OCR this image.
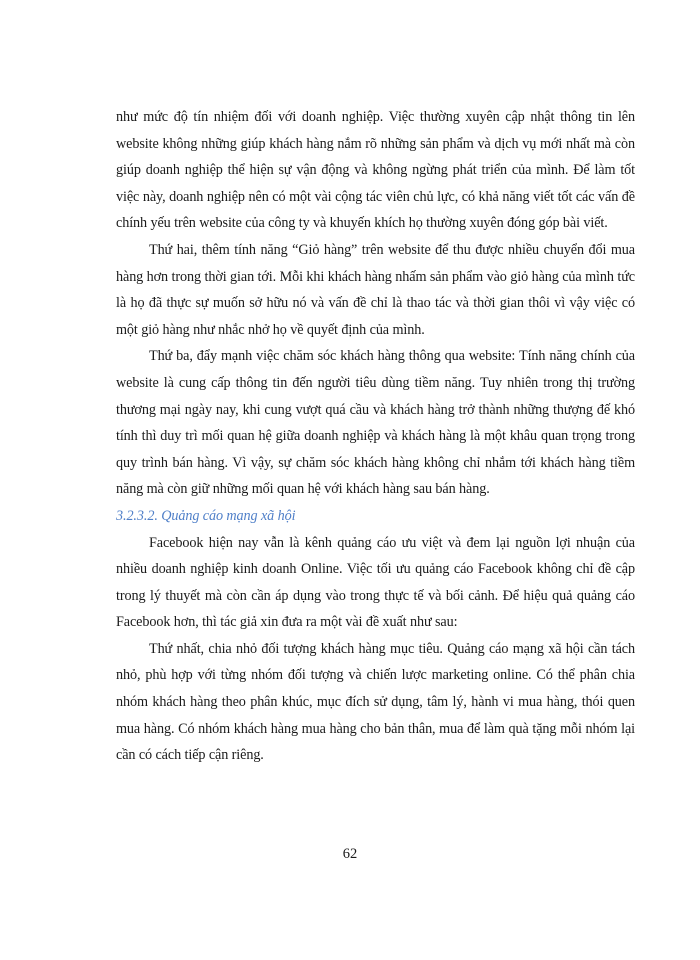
như mức độ tín nhiệm đối với doanh nghiệp. Việc thường xuyên cập nhật thông tin lên website không những giúp khách hàng nắm rõ những sản phẩm và dịch vụ mới nhất mà còn giúp doanh nghiệp thể hiện sự vận động và không ngừng phát triển của mình. Để làm tốt việc này, doanh nghiệp nên có một vài cộng tác viên chủ lực, có khả năng viết tốt các vấn đề chính yếu trên website của công ty và khuyến khích họ thường xuyên đóng góp bài viết.

Thứ hai, thêm tính năng “Giỏ hàng” trên website để thu được nhiều chuyển đổi mua hàng hơn trong thời gian tới. Mỗi khi khách hàng nhấm sản phẩm vào giỏ hàng của mình tức là họ đã thực sự muốn sở hữu nó và vấn đề chỉ là thao tác và thời gian thôi vì vậy việc có một giỏ hàng như nhắc nhở họ về quyết định của mình.

Thứ ba, đẩy mạnh việc chăm sóc khách hàng thông qua website: Tính năng chính của website là cung cấp thông tin đến người tiêu dùng tiềm năng. Tuy nhiên trong thị trường thương mại ngày nay, khi cung vượt quá cầu và khách hàng trở thành những thượng đế khó tính thì duy trì mối quan hệ giữa doanh nghiệp và khách hàng là một khâu quan trọng trong quy trình bán hàng. Vì vậy, sự chăm sóc khách hàng không chỉ nhắm tới khách hàng tiềm năng mà còn giữ những mối quan hệ với khách hàng sau bán hàng.

3.2.3.2. Quảng cáo mạng xã hội

Facebook hiện nay vẫn là kênh quảng cáo ưu việt và đem lại nguồn lợi nhuận của nhiều doanh nghiệp kinh doanh Online. Việc tối ưu quảng cáo Facebook không chỉ đề cập trong lý thuyết mà còn cần áp dụng vào trong thực tế và bối cảnh. Để hiệu quả quảng cáo Facebook hơn, thì tác giả xin đưa ra một vài đề xuất như sau:

Thứ nhất, chia nhỏ đối tượng khách hàng mục tiêu. Quảng cáo mạng xã hội cần tách nhỏ, phù hợp với từng nhóm đối tượng và chiến lược marketing online. Có thể phân chia nhóm khách hàng theo phân khúc, mục đích sử dụng, tâm lý, hành vi mua hàng, thói quen mua hàng. Có nhóm khách hàng mua hàng cho bản thân, mua để làm quà tặng mỗi nhóm lại cần có cách tiếp cận riêng.

62
